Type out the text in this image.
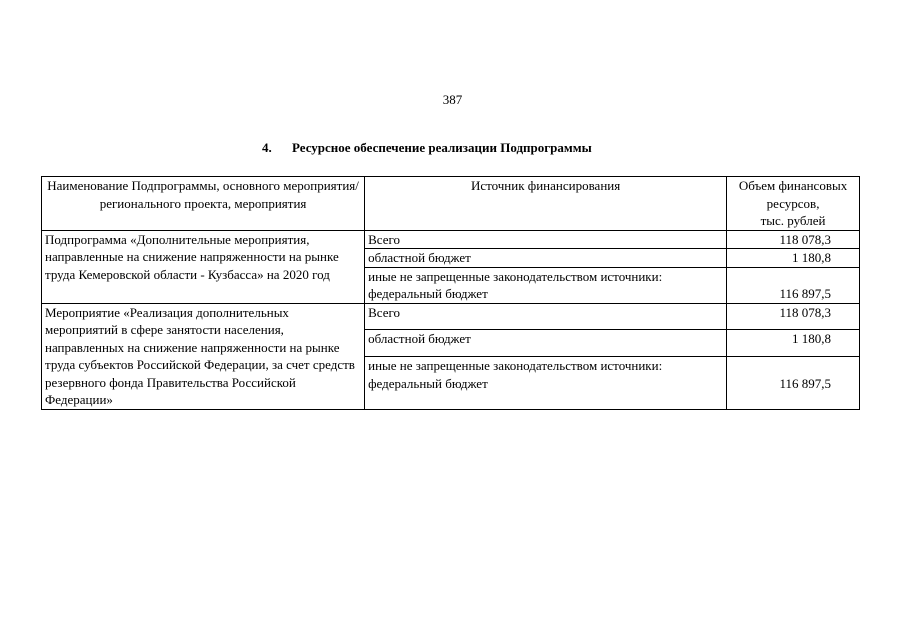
387
4. Ресурсное обеспечение реализации Подпрограммы
Наименование Подпрограммы, основного мероприятия/ регионального проекта, мероприятия	Источник финансирования	Объем финансовых
ресурсов,
тыс. рублей

Подпрограмма «Дополнительные мероприятия, направленные на снижение напряженности на рынке труда Кемеровской области - Кузбасса» на 2020 год	Всего	118 078,3
	областной бюджет	1 180,8

	иные не запрещенные законодательством источники:
федеральный бюджет	116 897,5
Мероприятие «Реализация дополнительных мероприятий в сфере занятости населения, направленных на снижение напряженности на рынке труда субъектов Российской Федерации, за счет средств резервного фонда Правительства Российской Федерации»	Всего	118 078,3
	областной бюджет	1 180,8

	иные не запрещенные законодательством источники:
федеральный бюджет	116 897,5
